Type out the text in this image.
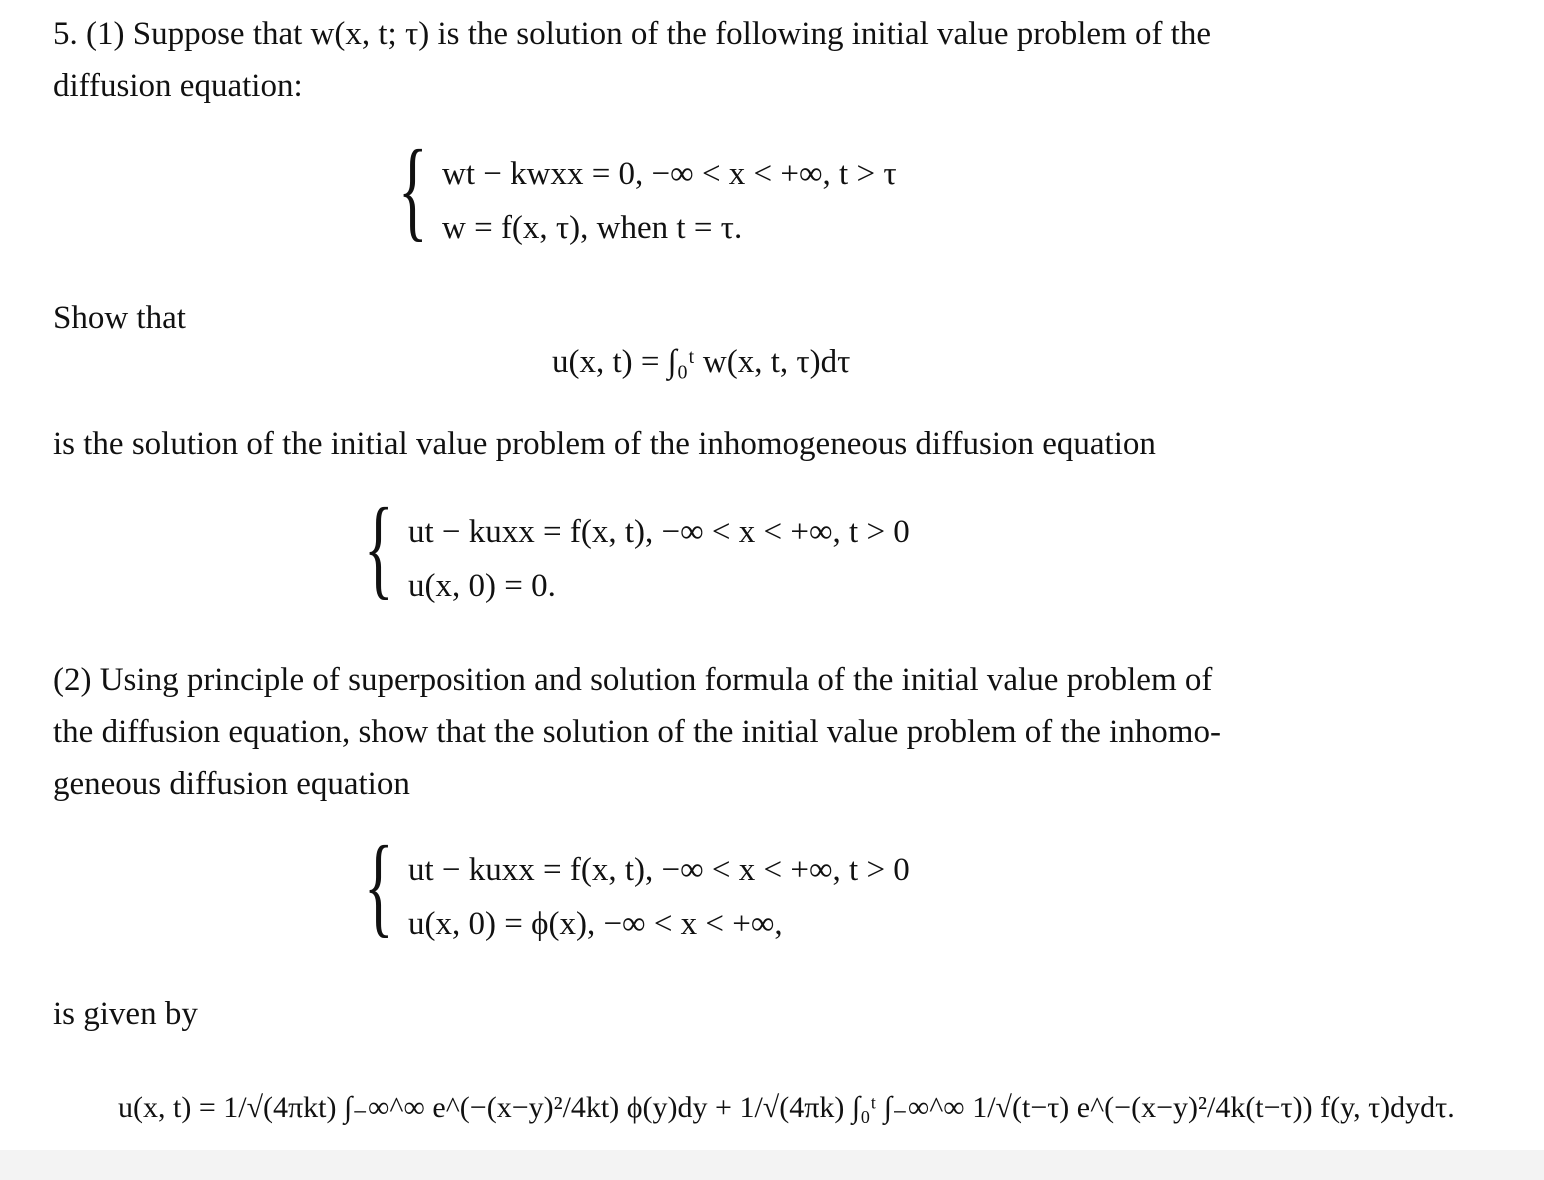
5. (1) Suppose that w(x, t; τ) is the solution of the following initial value problem of the
diffusion equation:
{ wt − kwxx = 0, −∞ < x < +∞, t > τ
w = f(x, τ), when t = τ.
Show that
u(x, t) = ∫₀ᵗ w(x, t, τ)dτ
is the solution of the initial value problem of the inhomogeneous diffusion equation
{ ut − kuxx = f(x, t), −∞ < x < +∞, t > 0
u(x, 0) = 0.
(2) Using principle of superposition and solution formula of the initial value problem of
the diffusion equation, show that the solution of the initial value problem of the inhomo-
geneous diffusion equation
{ ut − kuxx = f(x, t), −∞ < x < +∞, t > 0
u(x, 0) = ϕ(x), −∞ < x < +∞,
is given by
u(x, t) = 1/√(4πkt) ∫₋∞^∞ e^(−(x−y)²/4kt) ϕ(y)dy + 1/√(4πk) ∫₀ᵗ ∫₋∞^∞ 1/√(t−τ) e^(−(x−y)²/4k(t−τ)) f(y, τ)dydτ.
